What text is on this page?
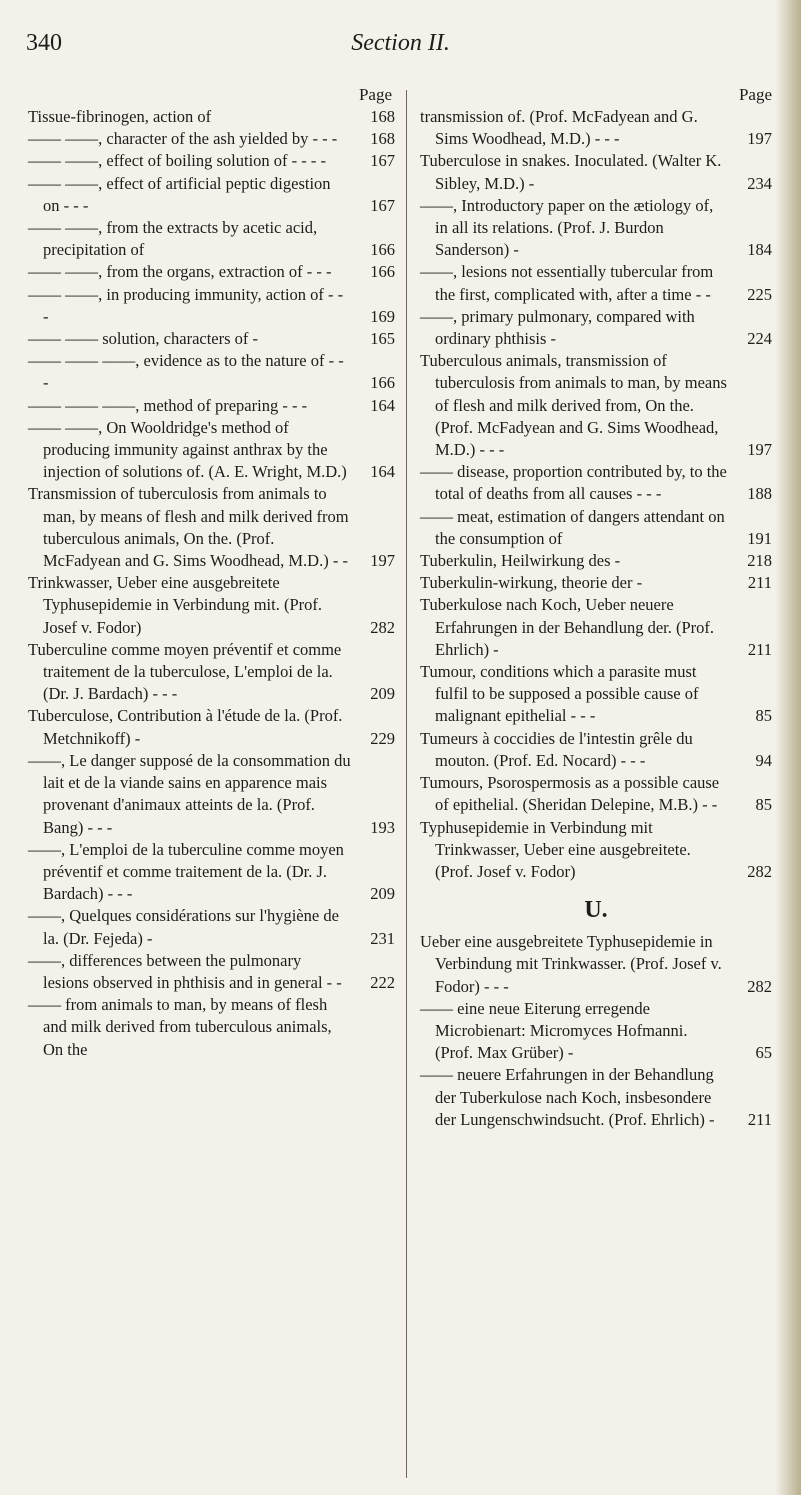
340	Section II.
Page
Tissue-fibrinogen, action of	168
—— ——, character of the ash yielded by - - -	168
—— ——, effect of boiling solution of - - - -	167
—— ——, effect of artificial peptic digestion on - - -	167
—— ——, from the extracts by acetic acid, precipitation of	166
—— ——, from the organs, extraction of - - -	166
—— ——, in producing immunity, action of - - -	169
—— —— solution, characters of -	165
—— —— ——, evidence as to the nature of - - -	166
—— —— ——, method of preparing - - -	164
—— ——, On Wooldridge's method of producing immunity against anthrax by the injection of solutions of. (A. E. Wright, M.D.)	164
Transmission of tuberculosis from animals to man, by means of flesh and milk derived from tuberculous animals, On the. (Prof. McFadyean and G. Sims Woodhead, M.D.) - -	197
Trinkwasser, Ueber eine ausgebreitete Typhusepidemie in Verbindung mit. (Prof. Josef v. Fodor)	282
Tuberculine comme moyen préventif et comme traitement de la tuberculose, L'emploi de la. (Dr. J. Bardach) - - -	209
Tuberculose, Contribution à l'étude de la. (Prof. Metchnikoff) -	229
——, Le danger supposé de la consommation du lait et de la viande sains en apparence mais provenant d'animaux atteints de la. (Prof. Bang) - - -	193
——, L'emploi de la tuberculine comme moyen préventif et comme traitement de la. (Dr. J. Bardach) - - -	209
——, Quelques considérations sur l'hygiène de la. (Dr. Fejeda) -	231
——, differences between the pulmonary lesions observed in phthisis and in general - -	222
—— from animals to man, by means of flesh and milk derived from tuberculous animals, On the
Page
transmission of. (Prof. McFadyean and G. Sims Woodhead, M.D.) - - -	197
Tuberculose in snakes. Inoculated. (Walter K. Sibley, M.D.) -	234
——, Introductory paper on the ætiology of, in all its relations. (Prof. J. Burdon Sanderson) -	184
——, lesions not essentially tubercular from the first, complicated with, after a time - -	225
——, primary pulmonary, compared with ordinary phthisis -	224
Tuberculous animals, transmission of tuberculosis from animals to man, by means of flesh and milk derived from, On the. (Prof. McFadyean and G. Sims Woodhead, M.D.) - - -	197
—— disease, proportion contributed by, to the total of deaths from all causes - - -	188
—— meat, estimation of dangers attendant on the consumption of	191
Tuberkulin, Heilwirkung des -	218
Tuberkulin-wirkung, theorie der -	211
Tuberkulose nach Koch, Ueber neuere Erfahrungen in der Behandlung der. (Prof. Ehrlich) -	211
Tumour, conditions which a parasite must fulfil to be supposed a possible cause of malignant epithelial - - -	85
Tumeurs à coccidies de l'intestin grêle du mouton. (Prof. Ed. Nocard) - - -	94
Tumours, Psorospermosis as a possible cause of epithelial. (Sheridan Delepine, M.B.) - -	85
Typhusepidemie in Verbindung mit Trinkwasser, Ueber eine ausgebreitete. (Prof. Josef v. Fodor)	282
U.
Ueber eine ausgebreitete Typhusepidemie in Verbindung mit Trinkwasser. (Prof. Josef v. Fodor) - - -	282
—— eine neue Eiterung erregende Microbienart: Micromyces Hofmanni. (Prof. Max Grüber) -	65
—— neuere Erfahrungen in der Behandlung der Tuberkulose nach Koch, insbesondere der Lungenschwindsucht. (Prof. Ehrlich) -	211
